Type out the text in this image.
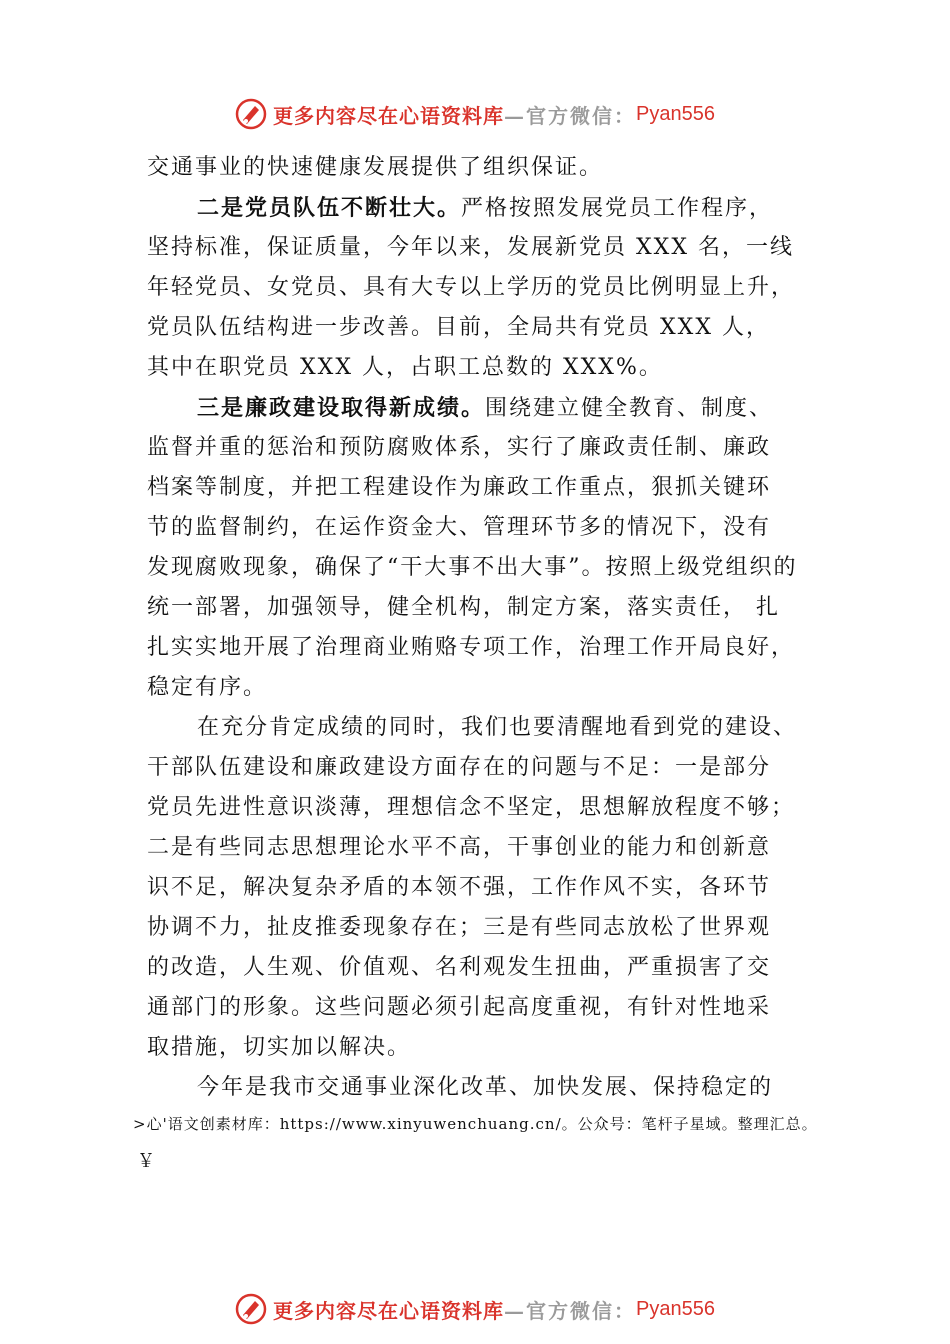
更多内容尽在心语资料库 —官方微信： Pyan556
交通事业的快速健康发展提供了组织保证。
二是党员队伍不断壮大。严格按照发展党员工作程序，
坚持标准，保证质量，今年以来，发展新党员 XXX 名，一线
年轻党员、女党员、具有大专以上学历的党员比例明显上升，
党员队伍结构进一步改善。目前，全局共有党员 XXX 人，
其中在职党员 XXX 人，占职工总数的 XXX%。
三是廉政建设取得新成绩。围绕建立健全教育、制度、
监督并重的惩治和预防腐败体系，实行了廉政责任制、廉政
档案等制度，并把工程建设作为廉政工作重点，狠抓关键环
节的监督制约，在运作资金大、管理环节多的情况下，没有
发现腐败现象，确保了“干大事不出大事”。按照上级党组织的
统一部署，加强领导，健全机构，制定方案，落实责任， 扎
扎实实地开展了治理商业贿赂专项工作，治理工作开局良好，
稳定有序。
在充分肯定成绩的同时，我们也要清醒地看到党的建设、
干部队伍建设和廉政建设方面存在的问题与不足：一是部分
党员先进性意识淡薄，理想信念不坚定，思想解放程度不够；
二是有些同志思想理论水平不高，干事创业的能力和创新意
识不足，解决复杂矛盾的本领不强，工作作风不实，各环节
协调不力，扯皮推委现象存在；三是有些同志放松了世界观
的改造，人生观、价值观、名利观发生扭曲，严重损害了交
通部门的形象。这些问题必须引起高度重视，有针对性地采
取措施，切实加以解决。
今年是我市交通事业深化改革、加快发展、保持稳定的
>心'语文创素材库：https://www.xinyuwenchuang.cn/。公众号：笔杆子星域。整理汇总。
￥
更多内容尽在心语资料库 —官方微信： Pyan556
